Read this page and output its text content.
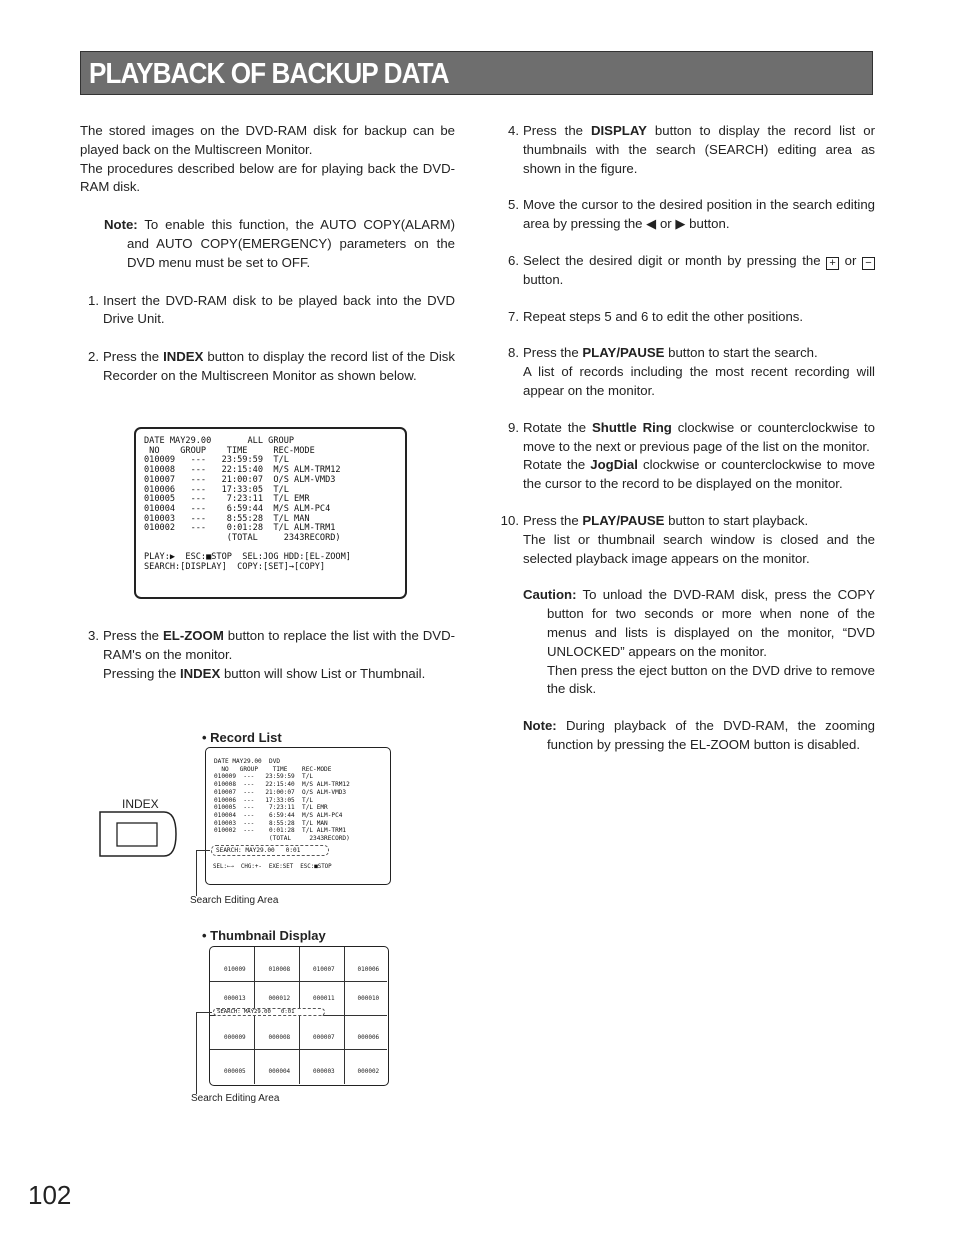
PLAYBACK OF BACKUP DATA

The stored images on the DVD-RAM disk for backup can be played back on the Multiscreen Monitor.

The procedures described below are for playing back the DVD-RAM disk.

Note: To enable this function, the AUTO COPY(ALARM) and AUTO COPY(EMERGENCY) parameters on the DVD menu must be set to OFF.

1. Insert the DVD-RAM disk to be played back into the DVD Drive Unit.
2. Press the INDEX button to display the record list of the Disk Recorder on the Multiscreen Monitor as shown below.
DATE MAY29.00       ALL GROUP
NO    GROUP    TIME     REC-MODE
010009   ---   23:59:59  T/L
010008   ---   22:15:40  M/S ALM-TRM12
010007   ---   21:00:07  O/S ALM-VMD3
010006   ---   17:33:05  T/L
010005   ---    7:23:11  T/L EMR
010004   ---    6:59:44  M/S ALM-PC4
010003   ---    8:55:28  T/L MAN
010002   ---    0:01:28  T/L ALM-TRM1
(TOTAL     2343RECORD)

PLAY:▶  ESC:■STOP  SEL:JOG HDD:[EL-ZOOM]
SEARCH:[DISPLAY]  COPY:[SET]→[COPY]
3. Press the EL-ZOOM button to replace the list with the DVD-RAM's on the monitor.
Pressing the INDEX button will show List or Thumbnail.
• Record List
INDEX
DATE MAY29.00  DVD
NO   GROUP    TIME    REC-MODE
010009  ---   23:59:59  T/L
010008  ---   22:15:40  M/S ALM-TRM12
010007  ---   21:00:07  O/S ALM-VMD3
010006  ---   17:33:05  T/L
010005  ---    7:23:11  T/L EMR
010004  ---    6:59:44  M/S ALM-PC4
010003  ---    8:55:28  T/L MAN
010002  ---    0:01:28  T/L ALM-TRM1
(TOTAL     2343RECORD)
SEARCH: MAY29.00   0:01
SEL:←→  CHG:+-  EXE:SET  ESC:■STOP
Search Editing Area
• Thumbnail Display
010009	010008	010007	010006
000013	000012	000011	000010
000009	000008	000007	000006
000005	000004	000003	000002
SEARCH: MAY29.00   0:01
Search Editing Area
4. Press the DISPLAY button to display the record list or thumbnails with the search (SEARCH) editing area as shown in the figure.
5. Move the cursor to the desired position in the search editing area by pressing the ◀ or ▶ button.
6. Select the desired digit or month by pressing the + or − button.
7. Repeat steps 5 and 6 to edit the other positions.
8. Press the PLAY/PAUSE button to start the search.
A list of records including the most recent recording will appear on the monitor.
9. Rotate the Shuttle Ring clockwise or counterclockwise to move to the next or previous page of the list on the monitor.
Rotate the JogDial clockwise or counterclockwise to move the cursor to the record to be displayed on the monitor.
10. Press the PLAY/PAUSE button to start playback.
The list or thumbnail search window is closed and the selected playback image appears on the monitor.

Caution: To unload the DVD-RAM disk, press the COPY button for two seconds or more when none of the menus and lists is displayed on the monitor, “DVD UNLOCKED” appears on the monitor.
Then press the eject button on the DVD drive to remove the disk.

Note: During playback of the DVD-RAM, the zooming function by pressing the EL-ZOOM button is disabled.

102
